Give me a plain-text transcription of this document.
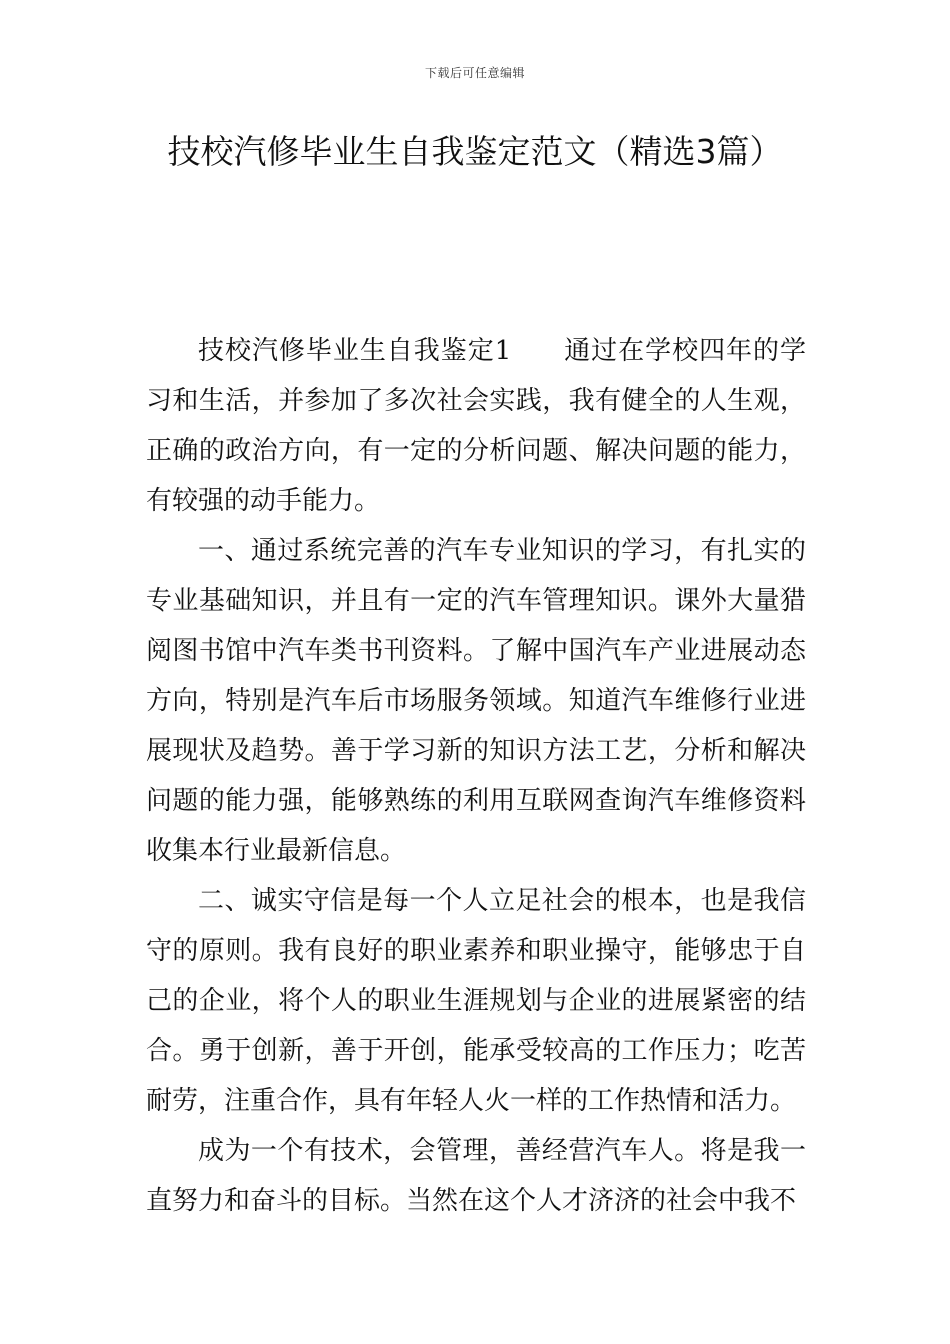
下载后可任意编辑
技校汽修毕业生自我鉴定范文（精选3篇）

技校汽修毕业生自我鉴定1 通过在学校四年的学习和生活，并参加了多次社会实践，我有健全的人生观，正确的政治方向，有一定的分析问题、解决问题的能力，有较强的动手能力。

一、通过系统完善的汽车专业知识的学习，有扎实的专业基础知识，并且有一定的汽车管理知识。课外大量猎阅图书馆中汽车类书刊资料。了解中国汽车产业进展动态方向，特别是汽车后市场服务领域。知道汽车维修行业进展现状及趋势。善于学习新的知识方法工艺，分析和解决问题的能力强，能够熟练的利用互联网查询汽车维修资料收集本行业最新信息。

二、诚实守信是每一个人立足社会的根本，也是我信守的原则。我有良好的职业素养和职业操守，能够忠于自己的企业，将个人的职业生涯规划与企业的进展紧密的结合。勇于创新，善于开创，能承受较高的工作压力；吃苦耐劳，注重合作，具有年轻人火一样的工作热情和活力。

成为一个有技术，会管理，善经营汽车人。将是我一直努力和奋斗的目标。当然在这个人才济济的社会中我不
